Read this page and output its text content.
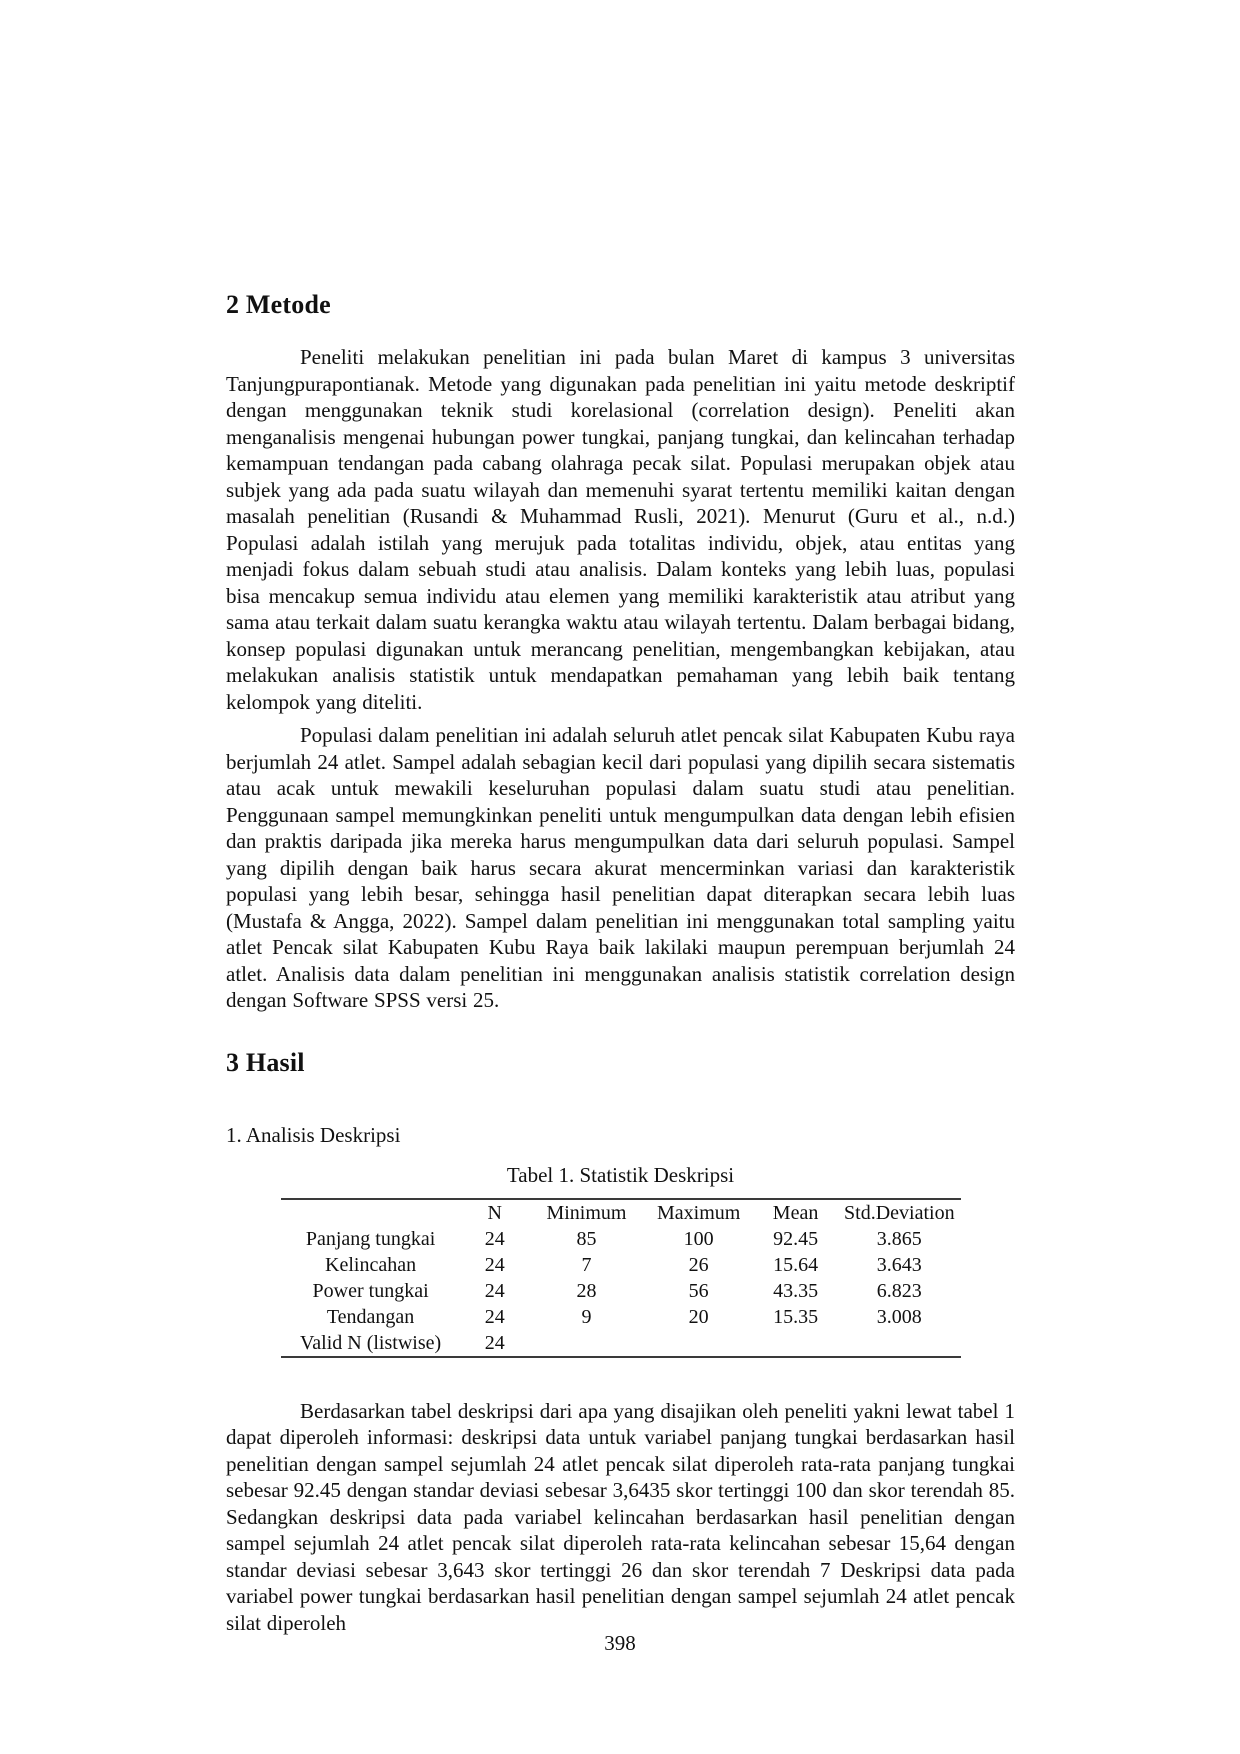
2 Metode

Peneliti melakukan penelitian ini pada bulan Maret di kampus 3 universitas Tanjungpurapontianak. Metode yang digunakan pada penelitian ini yaitu metode deskriptif dengan menggunakan teknik studi korelasional (correlation design). Peneliti akan menganalisis mengenai hubungan power tungkai, panjang tungkai, dan kelincahan terhadap kemampuan tendangan pada cabang olahraga pecak silat. Populasi merupakan objek atau subjek yang ada pada suatu wilayah dan memenuhi syarat tertentu memiliki kaitan dengan masalah penelitian (Rusandi & Muhammad Rusli, 2021). Menurut (Guru et al., n.d.) Populasi adalah istilah yang merujuk pada totalitas individu, objek, atau entitas yang menjadi fokus dalam sebuah studi atau analisis. Dalam konteks yang lebih luas, populasi bisa mencakup semua individu atau elemen yang memiliki karakteristik atau atribut yang sama atau terkait dalam suatu kerangka waktu atau wilayah tertentu. Dalam berbagai bidang, konsep populasi digunakan untuk merancang penelitian, mengembangkan kebijakan, atau melakukan analisis statistik untuk mendapatkan pemahaman yang lebih baik tentang kelompok yang diteliti.

Populasi dalam penelitian ini adalah seluruh atlet pencak silat Kabupaten Kubu raya berjumlah 24 atlet. Sampel adalah sebagian kecil dari populasi yang dipilih secara sistematis atau acak untuk mewakili keseluruhan populasi dalam suatu studi atau penelitian. Penggunaan sampel memungkinkan peneliti untuk mengumpulkan data dengan lebih efisien dan praktis daripada jika mereka harus mengumpulkan data dari seluruh populasi. Sampel yang dipilih dengan baik harus secara akurat mencerminkan variasi dan karakteristik populasi yang lebih besar, sehingga hasil penelitian dapat diterapkan secara lebih luas (Mustafa & Angga, 2022). Sampel dalam penelitian ini menggunakan total sampling yaitu atlet Pencak silat Kabupaten Kubu Raya baik lakilaki maupun perempuan berjumlah 24 atlet. Analisis data dalam penelitian ini menggunakan analisis statistik correlation design dengan Software SPSS versi 25.

3 Hasil
1. Analisis Deskripsi
Tabel 1. Statistik Deskripsi
	N	Minimum	Maximum	Mean	Std.Deviation
Panjang tungkai	24	85	100	92.45	3.865
Kelincahan	24	7	26	15.64	3.643
Power tungkai	24	28	56	43.35	6.823
Tendangan	24	9	20	15.35	3.008
Valid N (listwise)	24				

Berdasarkan tabel deskripsi dari apa yang disajikan oleh peneliti yakni lewat tabel 1 dapat diperoleh informasi: deskripsi data untuk variabel panjang tungkai berdasarkan hasil penelitian dengan sampel sejumlah 24 atlet pencak silat diperoleh rata-rata panjang tungkai sebesar 92.45 dengan standar deviasi sebesar 3,6435 skor tertinggi 100 dan skor terendah 85. Sedangkan deskripsi data pada variabel kelincahan berdasarkan hasil penelitian dengan sampel sejumlah 24 atlet pencak silat diperoleh rata-rata kelincahan sebesar 15,64 dengan standar deviasi sebesar 3,643 skor tertinggi 26 dan skor terendah 7 Deskripsi data pada variabel power tungkai berdasarkan hasil penelitian dengan sampel sejumlah 24 atlet pencak silat diperoleh

398
